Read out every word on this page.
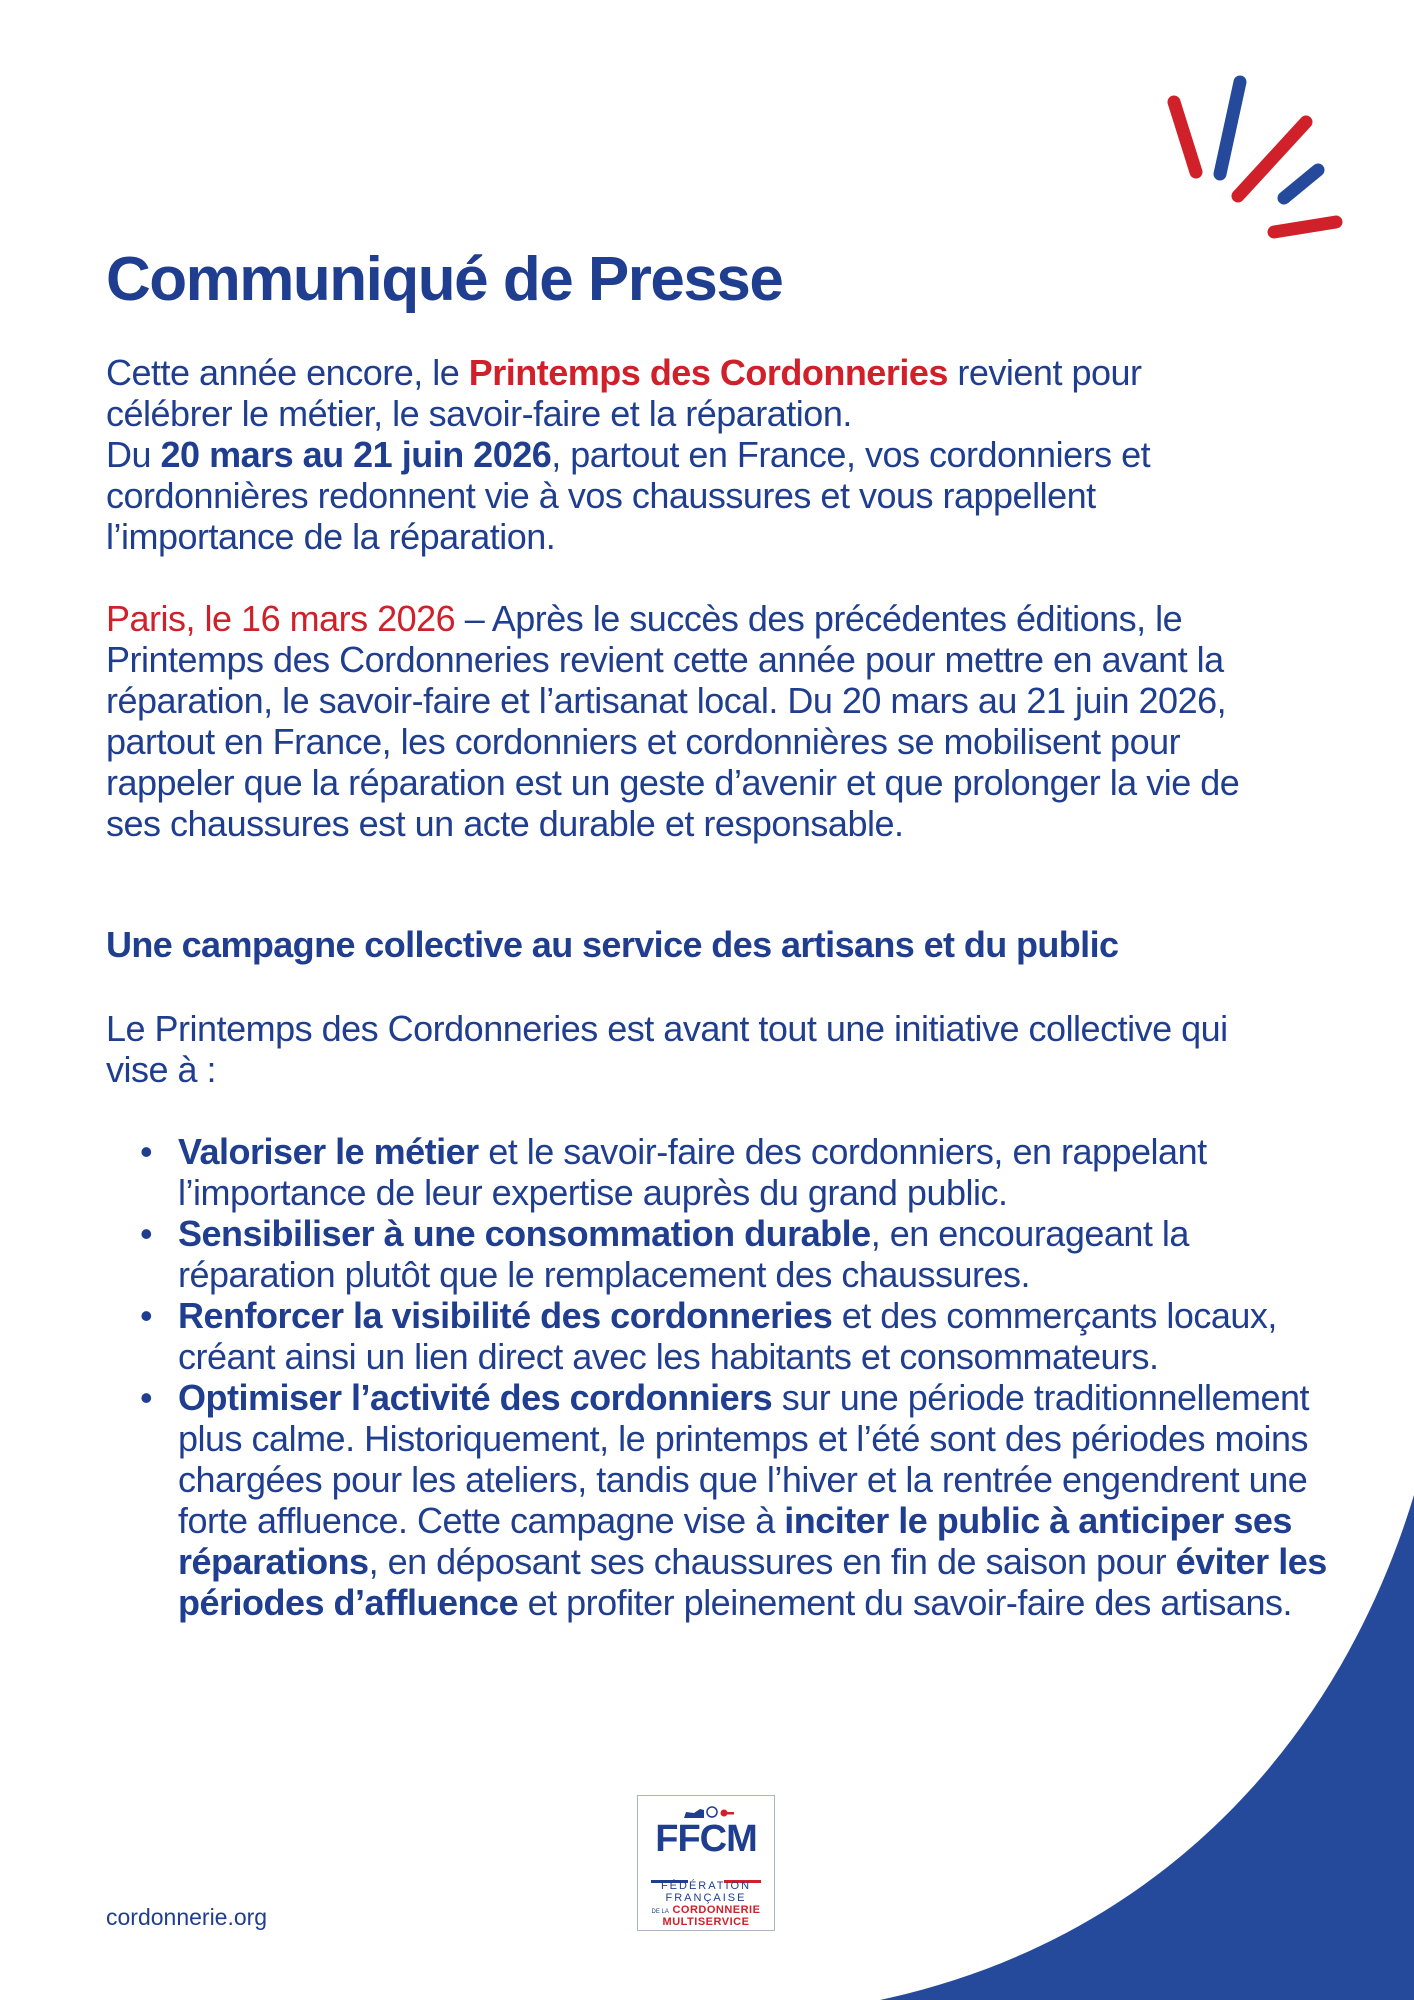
Communiqué de Presse

Cette année encore, le Printemps des Cordonneries revient pour célébrer le métier, le savoir-faire et la réparation.
Du 20 mars au 21 juin 2026, partout en France, vos cordonniers et cordonnières redonnent vie à vos chaussures et vous rappellent l’importance de la réparation.

Paris, le 16 mars 2026 – Après le succès des précédentes éditions, le Printemps des Cordonneries revient cette année pour mettre en avant la réparation, le savoir-faire et l’artisanat local. Du 20 mars au 21 juin 2026, partout en France, les cordonniers et cordonnières se mobilisent pour rappeler que la réparation est un geste d’avenir et que prolonger la vie de ses chaussures est un acte durable et responsable.

Une campagne collective au service des artisans et du public

Le Printemps des Cordonneries est avant tout une initiative collective qui vise à :

• Valoriser le métier et le savoir-faire des cordonniers, en rappelant l’importance de leur expertise auprès du grand public.
• Sensibiliser à une consommation durable, en encourageant la réparation plutôt que le remplacement des chaussures.
• Renforcer la visibilité des cordonneries et des commerçants locaux, créant ainsi un lien direct avec les habitants et consommateurs.
• Optimiser l’activité des cordonniers sur une période traditionnellement plus calme. Historiquement, le printemps et l’été sont des périodes moins chargées pour les ateliers, tandis que l’hiver et la rentrée engendrent une forte affluence. Cette campagne vise à inciter le public à anticiper ses réparations, en déposant ses chaussures en fin de saison pour éviter les périodes d’affluence et profiter pleinement du savoir-faire des artisans.
FFCM
FÉDÉRATION
FRANÇAISE
DE LA CORDONNERIE
MULTISERVICE
cordonnerie.org
